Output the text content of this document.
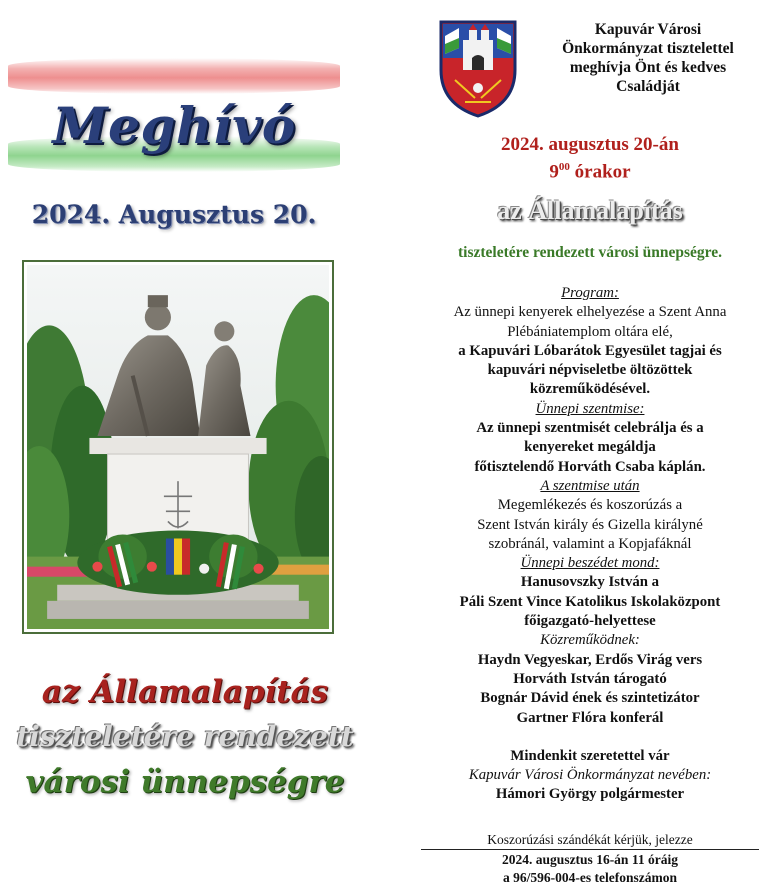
Meghívó
2024. Augusztus 20.
az Államalapítás
tiszteletére rendezett
városi ünnepségre
Kapuvár Városi
Önkormányzat tisztelettel
meghívja Önt és kedves
Családját
2024. augusztus 20-án
$9^{00}$ órakor
az Államalapítás
tiszteletére rendezett városi ünnepségre.
Program:
Az ünnepi kenyerek elhelyezése a Szent Anna
Plébániatemplom oltára elé,
a Kapuvári Lóbarátok Egyesület tagjai és
kapuvári népviseletbe öltözöttek
közreműködésével.
Ünnepi szentmise:
Az ünnepi szentmisét celebrálja és a
kenyereket megáldja
főtisztelendő Horváth Csaba káplán.
A szentmise után
Megemlékezés és koszorúzás a
Szent István király és Gizella királyné
szobránál, valamint a Kopjafáknál
Ünnepi beszédet mond:
Hanusovszky István a
Páli Szent Vince Katolikus Iskolaközpont
főigazgató-helyettese
Közreműködnek:
Haydn Vegyeskar, Erdős Virág vers
Horváth István tárogató
Bognár Dávid ének és szintetizátor
Gartner Flóra konferál
Mindenkit szeretettel vár
Kapuvár Városi Önkormányzat nevében:
Hámori György polgármester
Koszorúzási szándékát kérjük, jelezze
2024. augusztus 16-án 11 óráig
a 96/596-004-es telefonszámon
